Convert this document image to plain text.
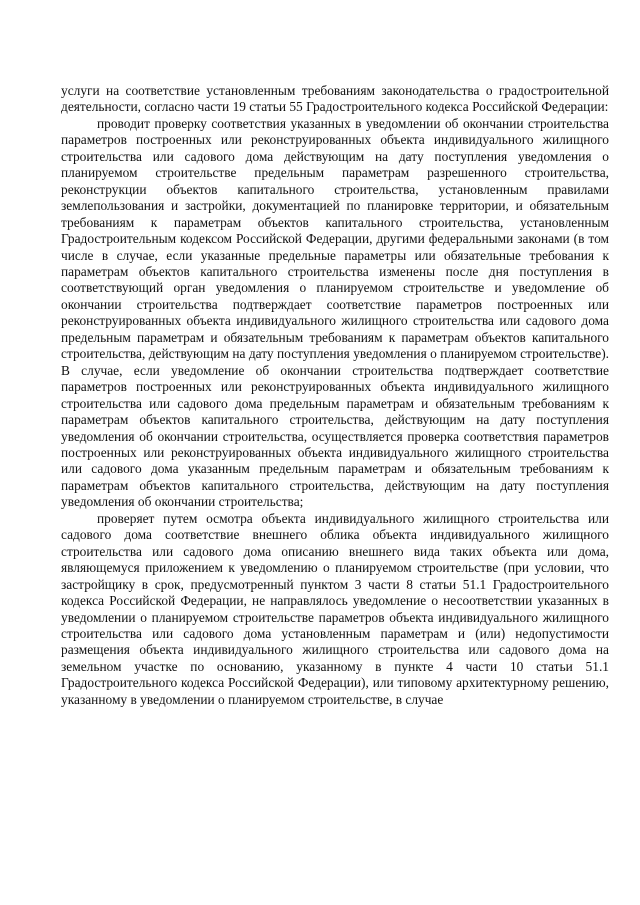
услуги на соответствие установленным требованиям законодательства о градостроительной деятельности, согласно части 19 статьи 55 Градостроительного кодекса Российской Федерации:

проводит проверку соответствия указанных в уведомлении об окончании строительства параметров построенных или реконструированных объекта индивидуального жилищного строительства или садового дома действующим на дату поступления уведомления о планируемом строительстве предельным параметрам разрешенного строительства, реконструкции объектов капитального строительства, установленным правилами землепользования и застройки, документацией по планировке территории, и обязательным требованиям к параметрам объектов капитального строительства, установленным Градостроительным кодексом Российской Федерации, другими федеральными законами (в том числе в случае, если указанные предельные параметры или обязательные требования к параметрам объектов капитального строительства изменены после дня поступления в соответствующий орган уведомления о планируемом строительстве и уведомление об окончании строительства подтверждает соответствие параметров построенных или реконструированных объекта индивидуального жилищного строительства или садового дома предельным параметрам и обязательным требованиям к параметрам объектов капитального строительства, действующим на дату поступления уведомления о планируемом строительстве). В случае, если уведомление об окончании строительства подтверждает соответствие параметров построенных или реконструированных объекта индивидуального жилищного строительства или садового дома предельным параметрам и обязательным требованиям к параметрам объектов капитального строительства, действующим на дату поступления уведомления об окончании строительства, осуществляется проверка соответствия параметров построенных или реконструированных объекта индивидуального жилищного строительства или садового дома указанным предельным параметрам и обязательным требованиям к параметрам объектов капитального строительства, действующим на дату поступления уведомления об окончании строительства;

проверяет путем осмотра объекта индивидуального жилищного строительства или садового дома соответствие внешнего облика объекта индивидуального жилищного строительства или садового дома описанию внешнего вида таких объекта или дома, являющемуся приложением к уведомлению о планируемом строительстве (при условии, что застройщику в срок, предусмотренный пунктом 3 части 8 статьи 51.1 Градостроительного кодекса Российской Федерации, не направлялось уведомление о несоответствии указанных в уведомлении о планируемом строительстве параметров объекта индивидуального жилищного строительства или садового дома установленным параметрам и (или) недопустимости размещения объекта индивидуального жилищного строительства или садового дома на земельном участке по основанию, указанному в пункте 4 части 10 статьи 51.1 Градостроительного кодекса Российской Федерации), или типовому архитектурному решению, указанному в уведомлении о планируемом строительстве, в случае
